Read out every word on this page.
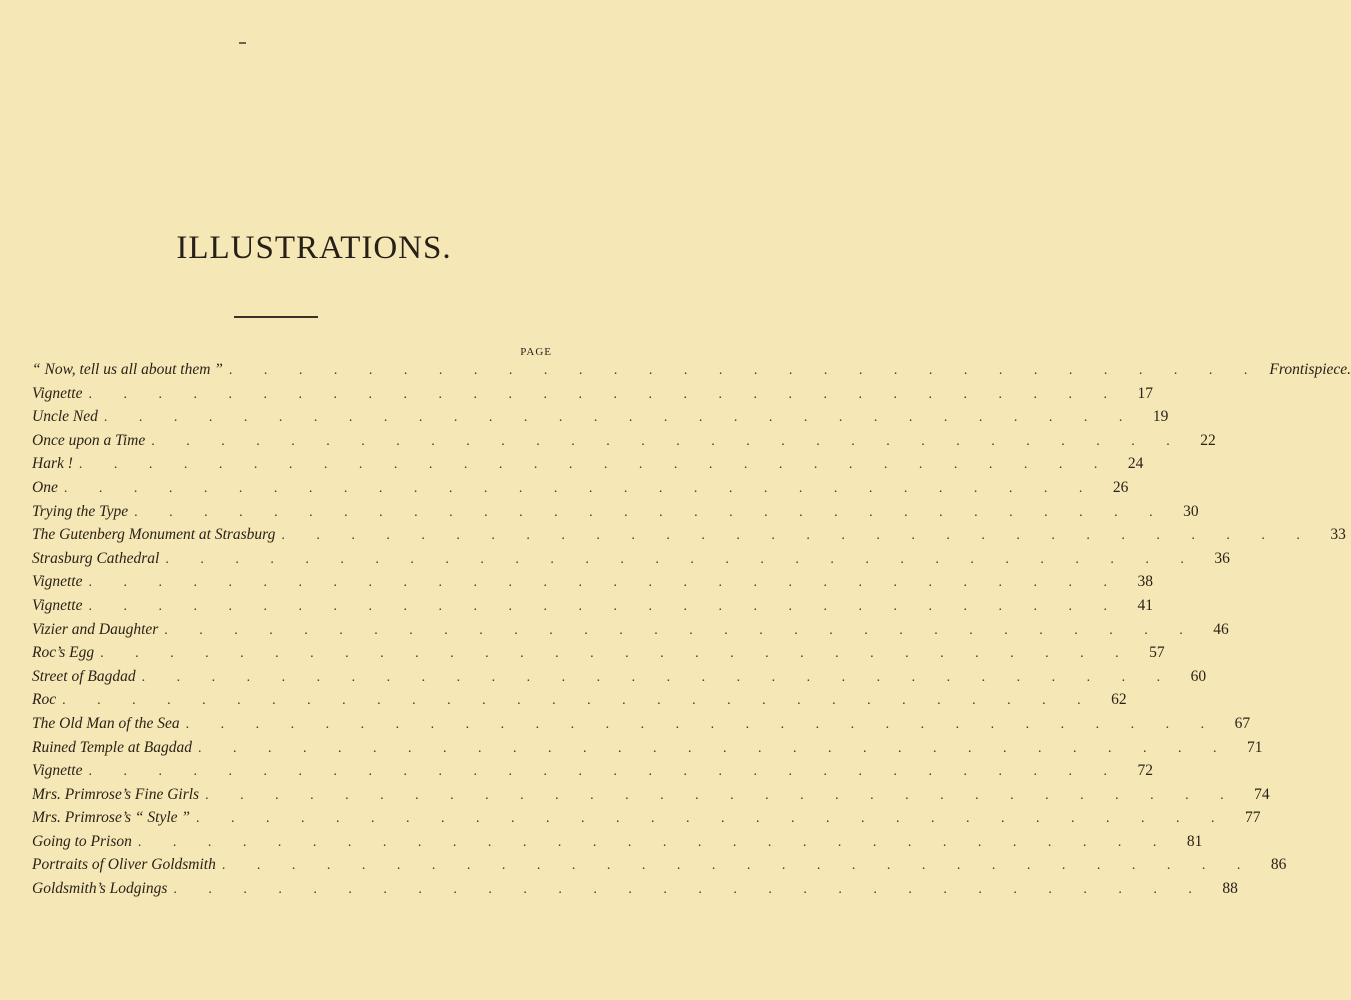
ILLUSTRATIONS.
PAGE
“ Now, tell us all about them ” . . . . . . . . . . . . . . . . . . . . . . . . . . . . . . Frontispiece.
Vignette . . . . . . . . . . . . . . . . . . . . . . . . . . . . . .	17
Uncle Ned . . . . . . . . . . . . . . . . . . . . . . . . . . . . . .	19
Once upon a Time . . . . . . . . . . . . . . . . . . . . . . . . . . . . . .	22
Hark ! . . . . . . . . . . . . . . . . . . . . . . . . . . . . . .	24
One . . . . . . . . . . . . . . . . . . . . . . . . . . . . . .	26
Trying the Type . . . . . . . . . . . . . . . . . . . . . . . . . . . . . .	30
The Gutenberg Monument at Strasburg . . . . . . . . . . . . . . . . . . . . . . . . . . . . . .	33
Strasburg Cathedral . . . . . . . . . . . . . . . . . . . . . . . . . . . . . .	36
Vignette . . . . . . . . . . . . . . . . . . . . . . . . . . . . . .	38
Vignette . . . . . . . . . . . . . . . . . . . . . . . . . . . . . .	41
Vizier and Daughter . . . . . . . . . . . . . . . . . . . . . . . . . . . . . .	46
Roc’s Egg . . . . . . . . . . . . . . . . . . . . . . . . . . . . . .	57
Street of Bagdad . . . . . . . . . . . . . . . . . . . . . . . . . . . . . .	60
Roc . . . . . . . . . . . . . . . . . . . . . . . . . . . . . .	62
The Old Man of the Sea . . . . . . . . . . . . . . . . . . . . . . . . . . . . . .	67
Ruined Temple at Bagdad . . . . . . . . . . . . . . . . . . . . . . . . . . . . . .	71
Vignette . . . . . . . . . . . . . . . . . . . . . . . . . . . . . .	72
Mrs. Primrose’s Fine Girls . . . . . . . . . . . . . . . . . . . . . . . . . . . . . .	74
Mrs. Primrose’s “ Style ” . . . . . . . . . . . . . . . . . . . . . . . . . . . . . .	77
Going to Prison . . . . . . . . . . . . . . . . . . . . . . . . . . . . . .	81
Portraits of Oliver Goldsmith . . . . . . . . . . . . . . . . . . . . . . . . . . . . . .	86
Goldsmith’s Lodgings . . . . . . . . . . . . . . . . . . . . . . . . . . . . . .	88
